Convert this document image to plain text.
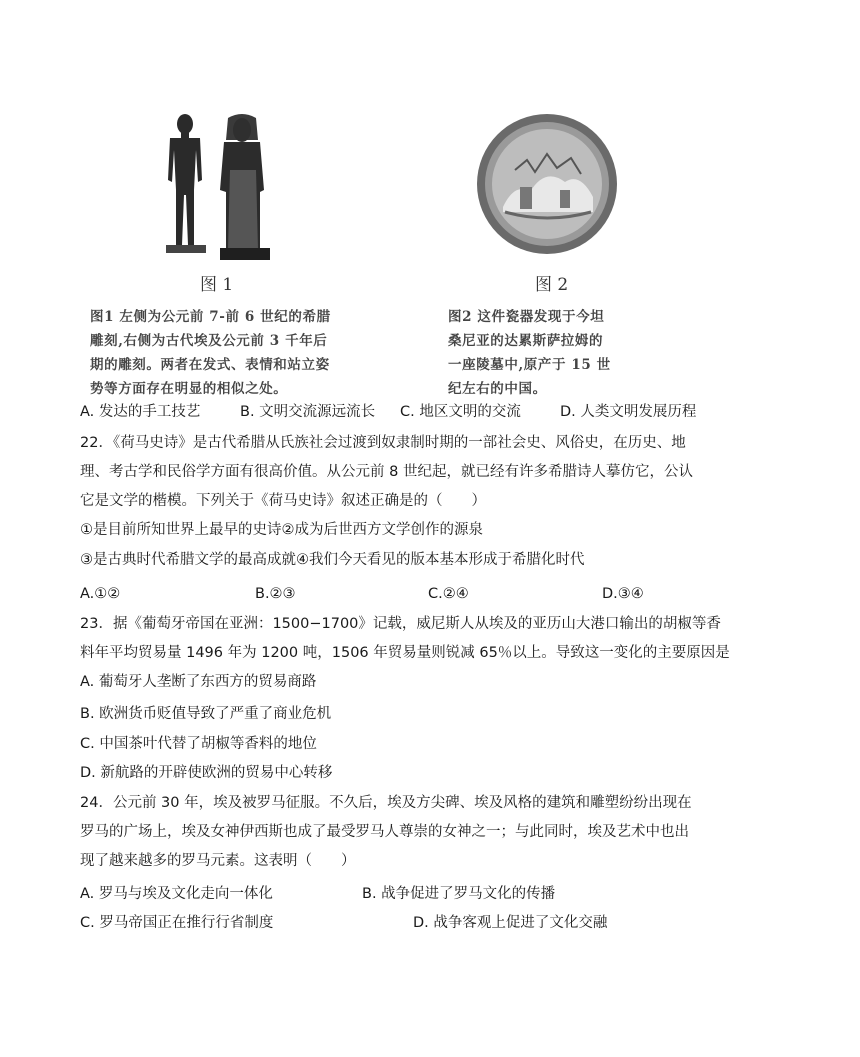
图 1
图1 左侧为公元前 7-前 6 世纪的希腊
雕刻,右侧为古代埃及公元前 3 千年后
期的雕刻。两者在发式、表情和站立姿
势等方面存在明显的相似之处。
图 2
图2 这件瓷器发现于今坦
桑尼亚的达累斯萨拉姆的
一座陵墓中,原产于 15 世
纪左右的中国。
A. 发达的手工技艺	B. 文明交流源远流长 C. 地区文明的交流	D. 人类文明发展历程
22．《荷马史诗》是古代希腊从氏族社会过渡到奴隶制时期的一部社会史、风俗史，在历史、地
理、考古学和民俗学方面有很高价值。从公元前 8 世纪起，就已经有许多希腊诗人摹仿它，公认
它是文学的楷模。下列关于《荷马史诗》叙述正确是的（　　）
①是目前所知世界上最早的史诗②成为后世西方文学创作的源泉
③是古典时代希腊文学的最高成就④我们今天看见的版本基本形成于希腊化时代
A.①②	B.②③	C.②④	D.③④
23．据《葡萄牙帝国在亚洲：1500−1700》记载，威尼斯人从埃及的亚历山大港口输出的胡椒等香
料年平均贸易量 1496 年为 1200 吨，1506 年贸易量则锐减 65％以上。导致这一变化的主要原因是
A. 葡萄牙人垄断了东西方的贸易商路
B. 欧洲货币贬值导致了严重了商业危机
C. 中国茶叶代替了胡椒等香料的地位
D. 新航路的开辟使欧洲的贸易中心转移
24．公元前 30 年，埃及被罗马征服。不久后，埃及方尖碑、埃及风格的建筑和雕塑纷纷出现在
罗马的广场上，埃及女神伊西斯也成了最受罗马人尊崇的女神之一；与此同时，埃及艺术中也出
现了越来越多的罗马元素。这表明（　　）
A. 罗马与埃及文化走向一体化	B. 战争促进了罗马文化的传播
C. 罗马帝国正在推行行省制度	D. 战争客观上促进了文化交融
